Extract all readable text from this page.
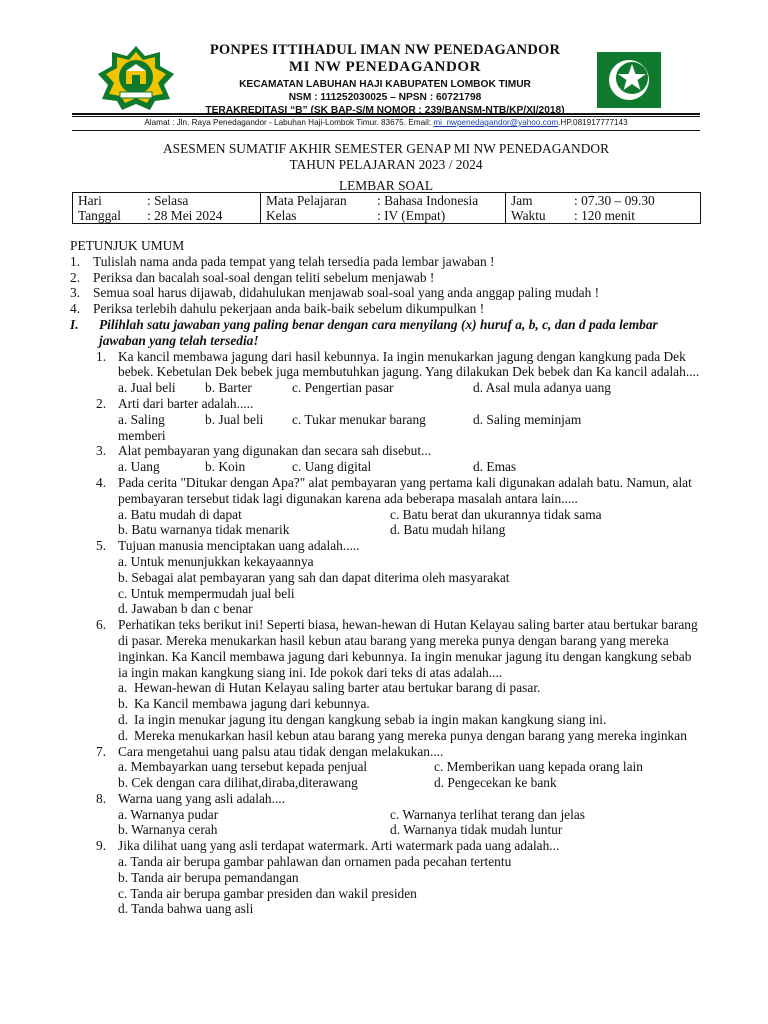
PONPES ITTIHADUL IMAN NW PENEDAGANDOR
MI NW PENEDAGANDOR
KECAMATAN LABUHAN HAJI KABUPATEN LOMBOK TIMUR
NSM : 111252030025 – NPSN : 60721798
TERAKREDITASI “B” (SK BAP-S/M NOMOR : 239/BANSM-NTB/KP/XI/2018)
Alamat : Jln. Raya Penedagandor - Labuhan Haji-Lombok Timur. 83675. Email: mi_nwpenedagandor@yahoo.com.HP.081917777143
ASESMEN SUMATIF AKHIR SEMESTER GENAP MI NW PENEDAGANDOR
TAHUN PELAJARAN 2023 / 2024
LEMBAR SOAL
Hari	: Selasa	Mata Pelajaran	: Bahasa Indonesia	Jam	: 07.30 – 09.30
Tanggal	: 28 Mei 2024	Kelas	: IV (Empat)	Waktu	: 120 menit
PETUNJUK UMUM
1. Tulislah nama anda pada tempat yang telah tersedia pada lembar jawaban !
2. Periksa dan bacalah soal-soal dengan teliti sebelum menjawab !
3. Semua soal harus dijawab, didahulukan menjawab soal-soal yang anda anggap paling mudah !
4. Periksa terlebih dahulu pekerjaan anda baik-baik sebelum dikumpulkan !
I.	Pilihlah satu jawaban yang paling benar dengan cara menyilang (x) huruf a, b, c, dan d pada lembar jawaban yang telah tersedia!
1. Ka kancil membawa jagung dari hasil kebunnya. Ia ingin menukarkan jagung dengan kangkung pada Dek bebek. Kebetulan Dek bebek juga membutuhkan jagung. Yang dilakukan Dek bebek dan Ka kancil adalah....
a. Jual beli	b. Barter	c. Pengertian pasar	d. Asal mula adanya uang
2. Arti dari barter adalah.....
a. Saling memberi
b. Jual beli	c. Tukar menukar barang	d. Saling meminjam
3. Alat pembayaran yang digunakan dan secara sah disebut...
a. Uang	b. Koin	c. Uang digital	d. Emas
4. Pada cerita "Ditukar dengan Apa?" alat pembayaran yang pertama kali digunakan adalah batu. Namun, alat pembayaran tersebut tidak lagi digunakan karena ada beberapa masalah antara lain.....
a. Batu mudah di dapat	c. Batu berat dan ukurannya tidak sama
b. Batu warnanya tidak menarik	d. Batu mudah hilang
5. Tujuan manusia menciptakan uang adalah.....
a. Untuk menunjukkan kekayaannya
b. Sebagai alat pembayaran yang sah dan dapat diterima oleh masyarakat
c. Untuk mempermudah jual beli
d. Jawaban b dan c benar
6. Perhatikan teks berikut ini! Seperti biasa, hewan-hewan di Hutan Kelayau saling barter atau bertukar barang di pasar. Mereka menukarkan hasil kebun atau barang yang mereka punya dengan barang yang mereka inginkan. Ka Kancil membawa jagung dari kebunnya. Ia ingin menukar jagung itu dengan kangkung sebab ia ingin makan kangkung siang ini. Ide pokok dari teks di atas adalah....
a. Hewan-hewan di Hutan Kelayau saling barter atau bertukar barang di pasar.
b. Ka Kancil membawa jagung dari kebunnya.
d. Ia ingin menukar jagung itu dengan kangkung sebab ia ingin makan kangkung siang ini.
d. Mereka menukarkan hasil kebun atau barang yang mereka punya dengan barang yang mereka inginkan
7. Cara mengetahui uang palsu atau tidak dengan melakukan....
a. Membayarkan uang tersebut kepada penjual	c. Memberikan uang kepada orang lain
b. Cek dengan cara dilihat,diraba,diterawang	d. Pengecekan ke bank
8. Warna uang yang asli adalah....
a. Warnanya pudar	c. Warnanya terlihat terang dan jelas
b. Warnanya cerah	d. Warnanya tidak mudah luntur
9. Jika dilihat uang yang asli terdapat watermark. Arti watermark pada uang adalah...
a. Tanda air berupa gambar pahlawan dan ornamen pada pecahan tertentu
b. Tanda air berupa pemandangan
c. Tanda air berupa gambar presiden dan wakil presiden
d. Tanda bahwa uang asli
